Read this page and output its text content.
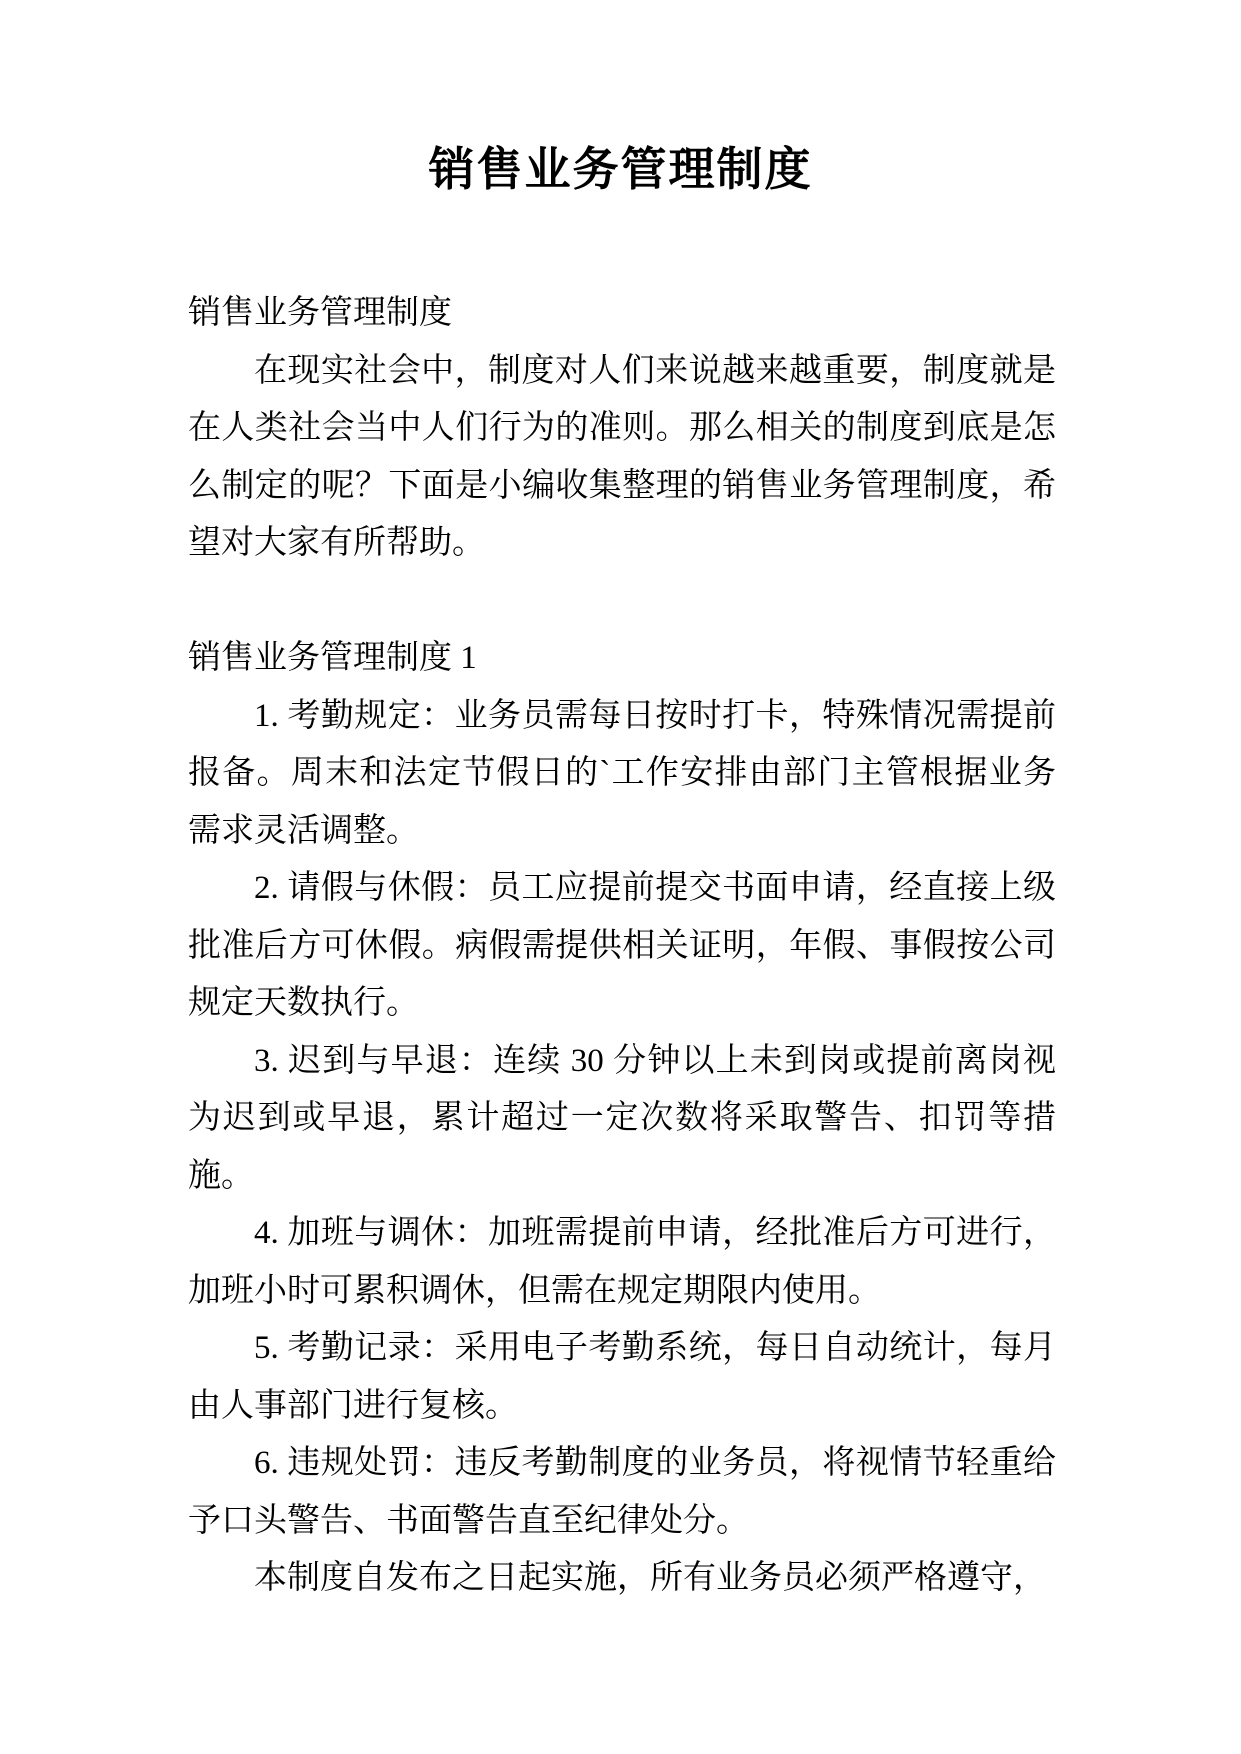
销售业务管理制度

销售业务管理制度

在现实社会中，制度对人们来说越来越重要，制度就是在人类社会当中人们行为的准则。那么相关的制度到底是怎么制定的呢？下面是小编收集整理的销售业务管理制度，希望对大家有所帮助。

销售业务管理制度 1

1. 考勤规定：业务员需每日按时打卡，特殊情况需提前报备。周末和法定节假日的`工作安排由部门主管根据业务需求灵活调整。

2. 请假与休假：员工应提前提交书面申请，经直接上级批准后方可休假。病假需提供相关证明，年假、事假按公司规定天数执行。

3. 迟到与早退：连续 30 分钟以上未到岗或提前离岗视为迟到或早退，累计超过一定次数将采取警告、扣罚等措施。

4. 加班与调休：加班需提前申请，经批准后方可进行，加班小时可累积调休，但需在规定期限内使用。

5. 考勤记录：采用电子考勤系统，每日自动统计，每月由人事部门进行复核。

6. 违规处罚：违反考勤制度的业务员，将视情节轻重给予口头警告、书面警告直至纪律处分。

本制度自发布之日起实施，所有业务员必须严格遵守，
